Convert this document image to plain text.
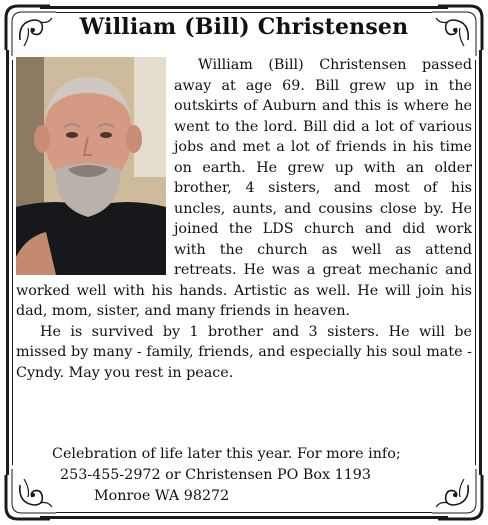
William (Bill) Christensen

William (Bill) Christensen passed away at age 69. Bill grew up in the outskirts of Auburn and this is where he went to the lord. Bill did a lot of various jobs and met a lot of friends in his time on earth. He grew up with an older brother, 4 sisters, and most of his uncles, aunts, and cousins close by. He joined the LDS church and did work with the church as well as attend retreats. He was a great mechanic and worked well with his hands. Artistic as well. He will join his dad, mom, sister, and many friends in heaven.

He is survived by 1 brother and 3 sisters. He will be missed by many - family, friends, and especially his soul mate - Cyndy. May you rest in peace.

Celebration of life later this year. For more info;
253-455-2972 or Christensen PO Box 1193
Monroe WA 98272
